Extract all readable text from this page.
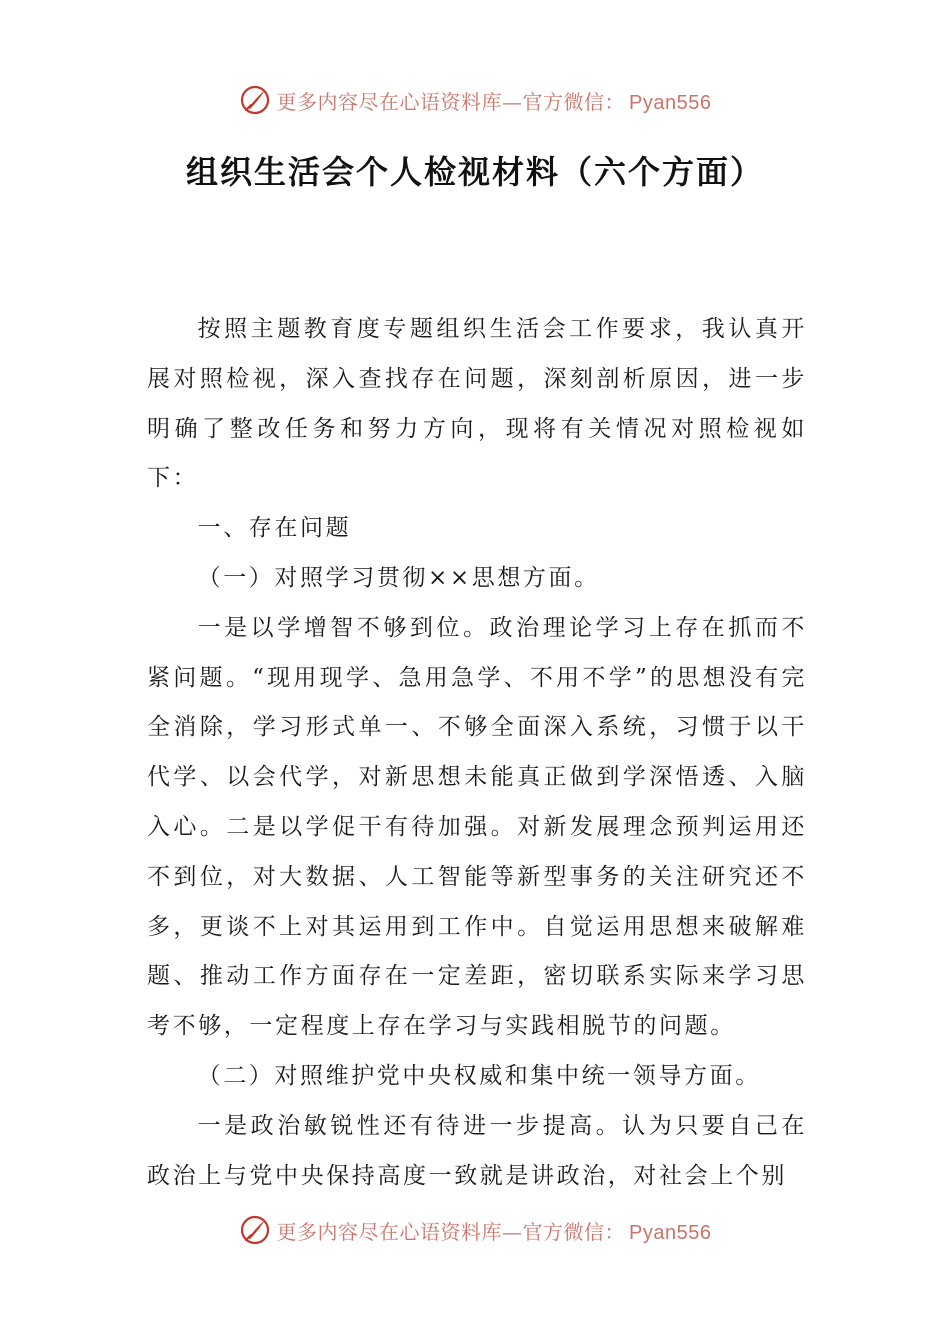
更多内容尽在心语资料库—官方微信： Pyan556
组织生活会个人检视材料（六个方面）

按照主题教育度专题组织生活会工作要求，我认真开展对照检视，深入查找存在问题，深刻剖析原因，进一步明确了整改任务和努力方向，现将有关情况对照检视如下：

一、存在问题

（一）对照学习贯彻××思想方面。

一是以学增智不够到位。政治理论学习上存在抓而不紧问题。“现用现学、急用急学、不用不学”的思想没有完全消除，学习形式单一、不够全面深入系统，习惯于以干代学、以会代学，对新思想未能真正做到学深悟透、入脑入心。二是以学促干有待加强。对新发展理念预判运用还不到位，对大数据、人工智能等新型事务的关注研究还不多，更谈不上对其运用到工作中。自觉运用思想来破解难题、推动工作方面存在一定差距，密切联系实际来学习思考不够，一定程度上存在学习与实践相脱节的问题。

（二）对照维护党中央权威和集中统一领导方面。

一是政治敏锐性还有待进一步提高。认为只要自己在政治上与党中央保持高度一致就是讲政治，对社会上个别

更多内容尽在心语资料库—官方微信： Pyan556
